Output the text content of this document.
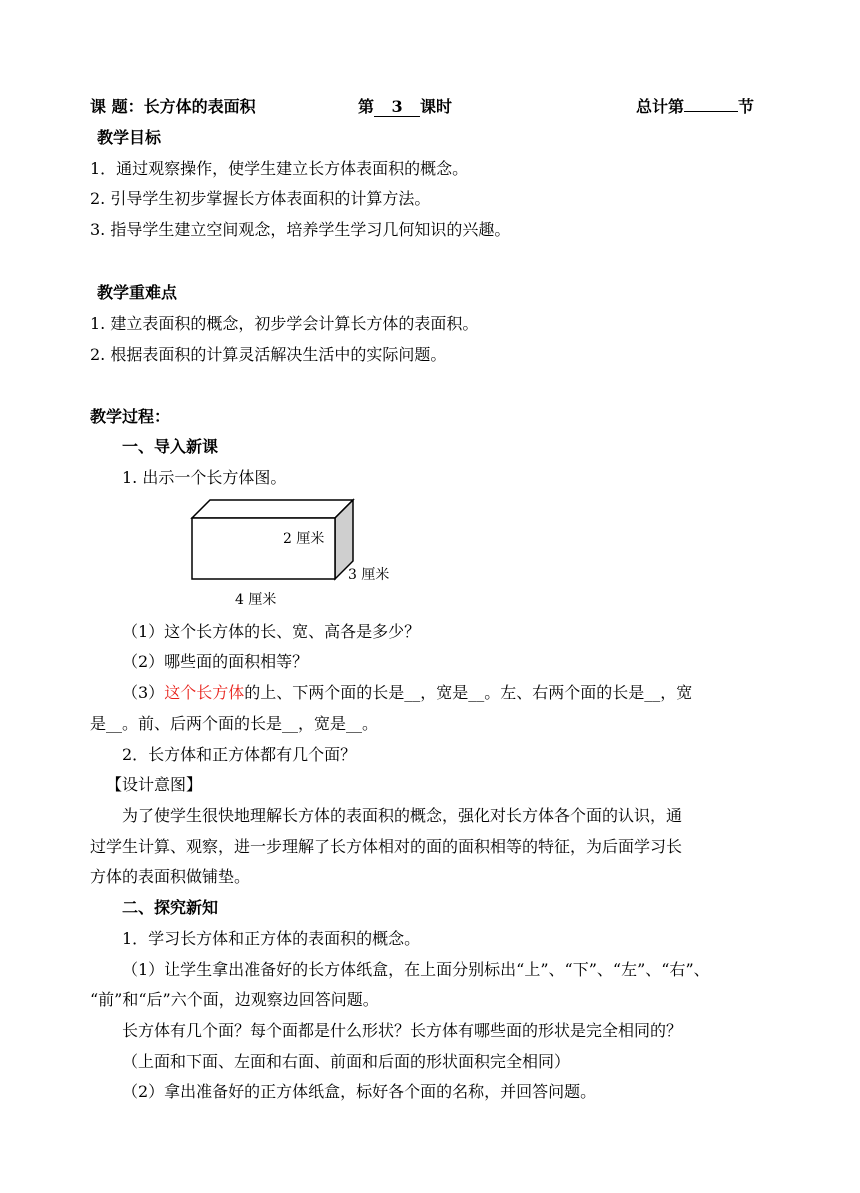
课 题：长方体的表面积	第 3 课时	总计第	节
教学目标
1．通过观察操作，使学生建立长方体表面积的概念。
2. 引导学生初步掌握长方体表面积的计算方法。
3. 指导学生建立空间观念，培养学生学习几何知识的兴趣。
教学重难点
1. 建立表面积的概念，初步学会计算长方体的表面积。
2. 根据表面积的计算灵活解决生活中的实际问题。
教学过程：
一、导入新课
1. 出示一个长方体图。
2 厘米
3 厘米
4 厘米
（1）这个长方体的长、宽、高各是多少？
（2）哪些面的面积相等？
（3）这个长方体的上、下两个面的长是__，宽是__。左、右两个面的长是__，宽
是__。前、后两个面的长是__，宽是__。
2．长方体和正方体都有几个面？
【设计意图】
为了使学生很快地理解长方体的表面积的概念，强化对长方体各个面的认识，通
过学生计算、观察，进一步理解了长方体相对的面的面积相等的特征，为后面学习长
方体的表面积做铺垫。
二、探究新知
1．学习长方体和正方体的表面积的概念。
（1）让学生拿出准备好的长方体纸盒，在上面分别标出“上”、“下”、“左”、“右”、
“前”和“后”六个面，边观察边回答问题。
长方体有几个面？每个面都是什么形状？长方体有哪些面的形状是完全相同的？
（上面和下面、左面和右面、前面和后面的形状面积完全相同）
（2）拿出准备好的正方体纸盒，标好各个面的名称，并回答问题。
